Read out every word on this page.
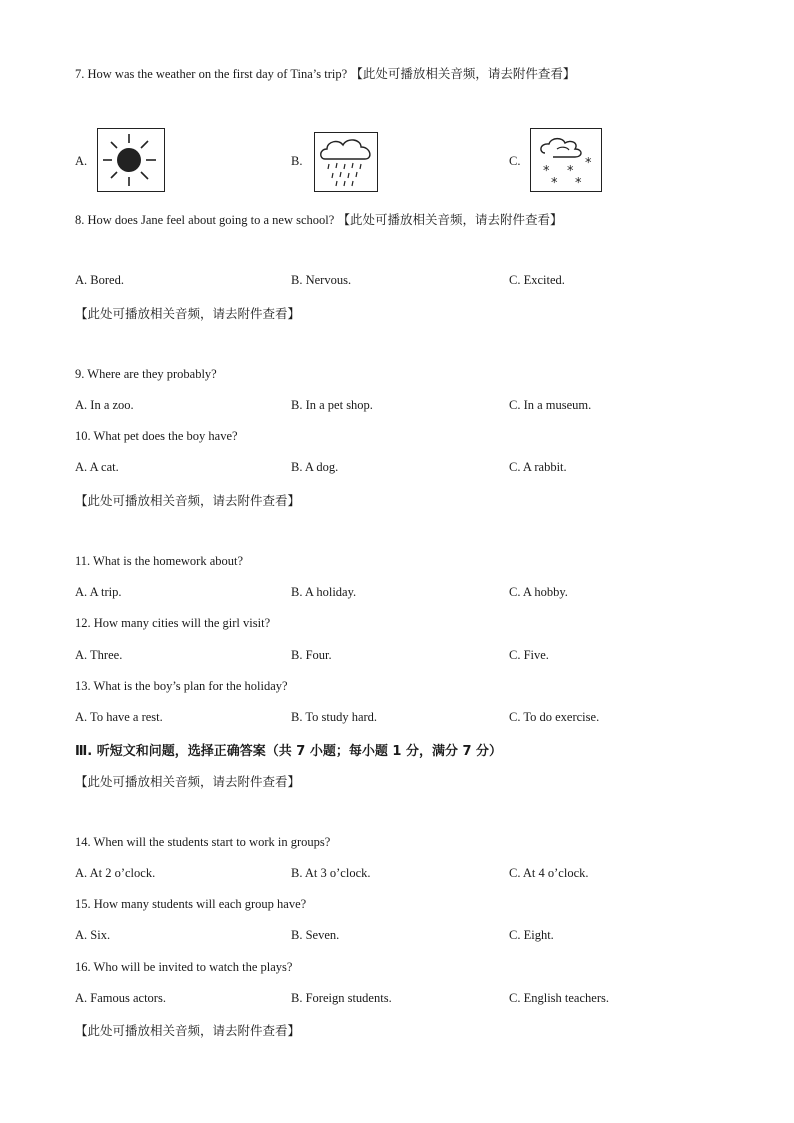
7. How was the weather on the first day of Tina’s trip? 【此处可播放相关音频，请去附件查看】
A.	B.	C.	*
* *
* *
8. How does Jane feel about going to a new school? 【此处可播放相关音频，请去附件查看】
A. Bored.	B. Nervous.	C. Excited.
【此处可播放相关音频，请去附件查看】
9. Where are they probably?
A. In a zoo.	B. In a pet shop.	C. In a museum.
10. What pet does the boy have?
A. A cat.	B. A dog.	C. A rabbit.
【此处可播放相关音频，请去附件查看】
11. What is the homework about?
A. A trip.	B. A holiday.	C. A hobby.
12. How many cities will the girl visit?
A. Three.	B. Four.	C. Five.
13. What is the boy’s plan for the holiday?
A. To have a rest.	B. To study hard.	C. To do exercise.
Ⅲ. 听短文和问题，选择正确答案（共 7 小题；每小题 1 分，满分 7 分）
【此处可播放相关音频，请去附件查看】
14. When will the students start to work in groups?
A. At 2 o’clock.	B. At 3 o’clock.	C. At 4 o’clock.
15. How many students will each group have?
A. Six.	B. Seven.	C. Eight.
16. Who will be invited to watch the plays?
A. Famous actors.	B. Foreign students.	C. English teachers.
【此处可播放相关音频，请去附件查看】
